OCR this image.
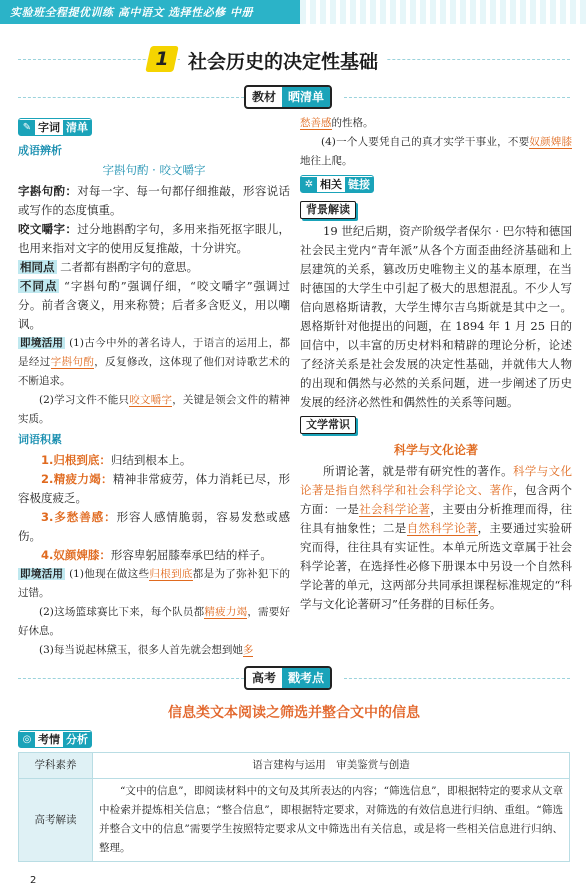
实验班全程提优训练 高中语文 选择性必修 中册
1	社会历史的决定性基础
教材	晒清单
✎ 字词 清单
成语辨析
字斟句酌 · 咬文嚼字

字斟句酌：对每一字、每一句都仔细推敲，形容说话或写作的态度慎重。

咬文嚼字：过分地斟酌字句，多用来指死抠字眼儿，也用来指对文字的使用反复推敲，十分讲究。

相同点 二者都有斟酌字句的意思。

不同点 “字斟句酌”强调仔细，“咬文嚼字”强调过分。前者含褒义，用来称赞；后者多含贬义，用以嘲讽。

即境活用 (1)古今中外的著名诗人，于语言的运用上，都是经过字斟句酌，反复修改，这体现了他们对诗歌艺术的不断追求。

(2)学习文件不能只咬文嚼字，关键是领会文件的精神实质。

词语积累

1.归根到底：归结到根本上。

2.精疲力竭：精神非常疲劳，体力消耗已尽，形容极度疲乏。

3.多愁善感：形容人感情脆弱，容易发愁或感伤。

4.奴颜婢膝：形容卑躬屈膝奉承巴结的样子。

即境活用 (1)他现在做这些归根到底都是为了弥补犯下的过错。

(2)这场篮球赛比下来，每个队员都精疲力竭，需要好好休息。

(3)每当说起林黛玉，很多人首先就会想到她多

愁善感的性格。

(4)一个人要凭自己的真才实学干事业，不要奴颜婢膝地往上爬。

✲ 相关 链接
背景解读

19 世纪后期，资产阶级学者保尔 · 巴尔特和德国社会民主党内“青年派”从各个方面歪曲经济基础和上层建筑的关系，篡改历史唯物主义的基本原理，在当时德国的大学生中引起了极大的思想混乱。不少人写信向恩格斯请教，大学生博尔吉乌斯就是其中之一。恩格斯针对他提出的问题，在 1894 年 1 月 25 日的回信中，以丰富的历史材料和精辟的理论分析，论述了经济关系是社会发展的决定性基础，并就伟大人物的出现和偶然与必然的关系问题，进一步阐述了历史发展的经济必然性和偶然性的关系等问题。

文学常识
科学与文化论著

所谓论著，就是带有研究性的著作。科学与文化论著是指自然科学和社会科学论文、著作，包含两个方面：一是社会科学论著，主要由分析推理而得，往往具有抽象性；二是自然科学论著，主要通过实验研究而得，往往具有实证性。本单元所选文章属于社会科学论著，在选择性必修下册课本中另设一个自然科学论著的单元，这两部分共同承担课程标准规定的“科学与文化论著研习”任务群的目标任务。

高考	戳考点
信息类文本阅读之筛选并整合文中的信息
◎ 考情 分析
学科素养	语言建构与运用　审美鉴赏与创造
高考解读	“文中的信息”，即阅读材料中的文句及其所表达的内容；“筛选信息”，即根据特定的要求从文章中检索并提炼相关信息；“整合信息”，即根据特定要求，对筛选的有效信息进行归纳、重组。“筛选并整合文中的信息”需要学生按照特定要求从文中筛选出有关信息，或是将一些相关信息进行归纳、整理。
2
